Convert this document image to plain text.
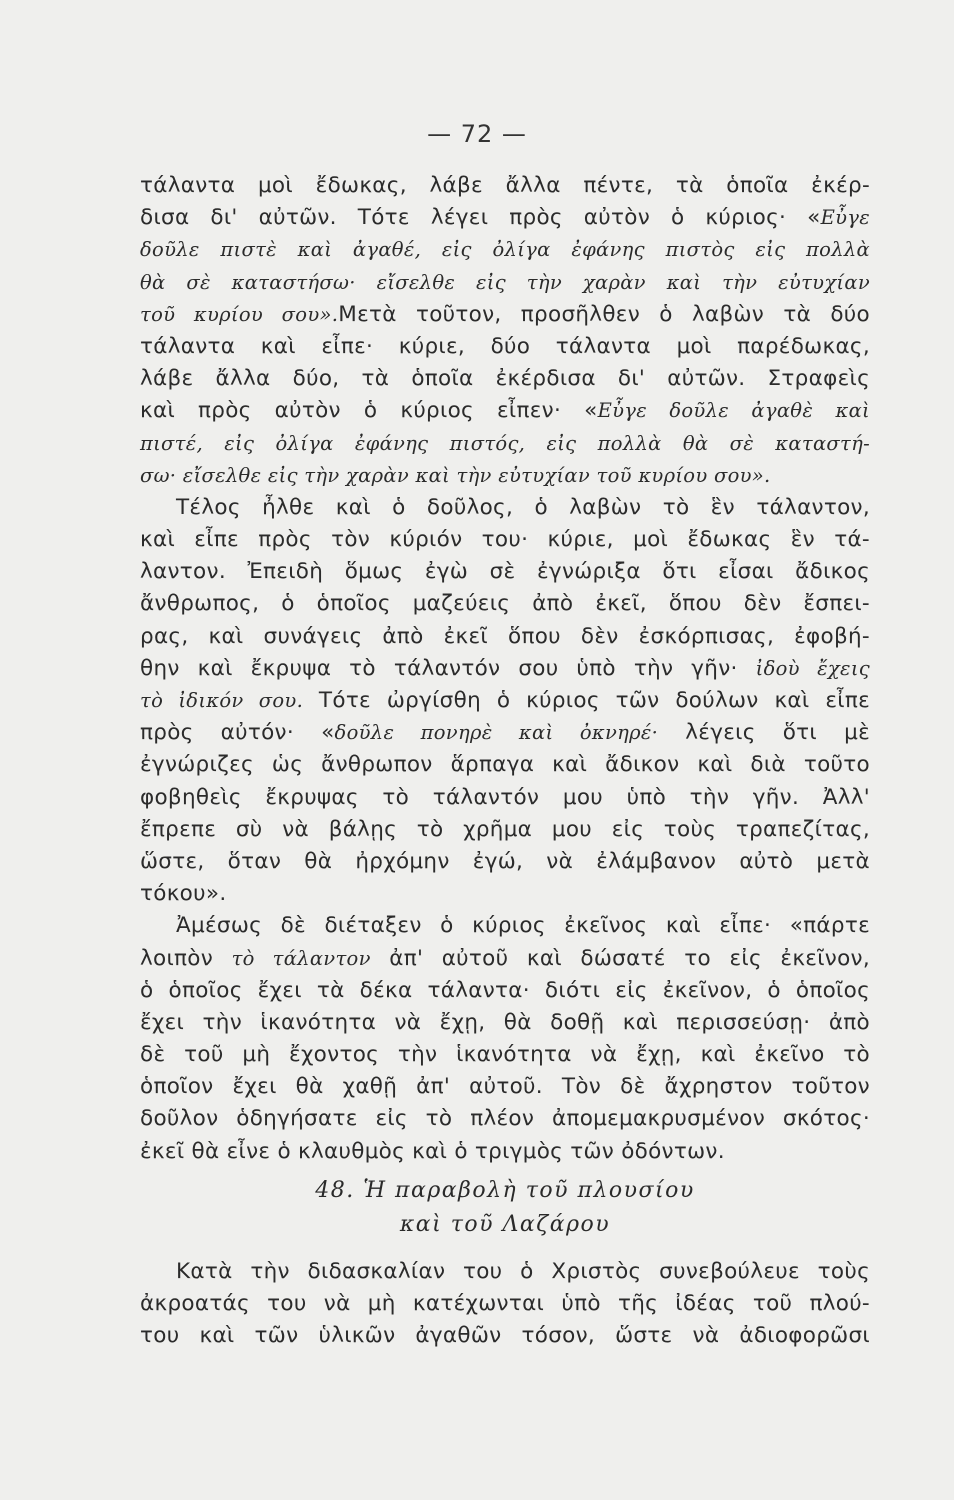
— 72 —
τάλαντα μοὶ ἔδωκας, λάβε ἄλλα πέντε, τὰ ὁποῖα ἐκέρ-
δισα δι' αὐτῶν. Τότε λέγει πρὸς αὐτὸν ὁ κύριος· «Εὖγε
δοῦλε πιστὲ καὶ ἀγαθέ, εἰς ὀλίγα ἐφάνης πιστὸς εἰς πολλὰ
θὰ σὲ καταστήσω· εἴσελθε εἰς τὴν χαρὰν καὶ τὴν εὐτυχίαν
τοῦ κυρίου σου».Μετὰ τοῦτον, προσῆλθεν ὁ λαβὼν τὰ δύο
τάλαντα καὶ εἶπε· κύριε, δύο τάλαντα μοὶ παρέδωκας,
λάβε ἄλλα δύο, τὰ ὁποῖα ἐκέρδισα δι' αὐτῶν. Στραφεὶς
καὶ πρὸς αὐτὸν ὁ κύριος εἶπεν· «Εὖγε δοῦλε ἀγαθὲ καὶ
πιστέ, εἰς ὀλίγα ἐφάνης πιστός, εἰς πολλὰ θὰ σὲ καταστή-
σω· εἴσελθε εἰς τὴν χαρὰν καὶ τὴν εὐτυχίαν τοῦ κυρίου σου».
Τέλος ἦλθε καὶ ὁ δοῦλος, ὁ λαβὼν τὸ ἓν τάλαντον,
καὶ εἶπε πρὸς τὸν κύριόν του· κύριε, μοὶ ἔδωκας ἓν τά-
λαντον. Ἐπειδὴ ὅμως ἐγὼ σὲ ἐγνώριξα ὅτι εἶσαι ἄδικος
ἄνθρωπος, ὁ ὁποῖος μαζεύεις ἀπὸ ἐκεῖ, ὅπου δὲν ἔσπει-
ρας, καὶ συνάγεις ἀπὸ ἐκεῖ ὅπου δὲν ἐσκόρπισας, ἐφοβή-
θην καὶ ἔκρυψα τὸ τάλαντόν σου ὑπὸ τὴν γῆν· ἰδοὺ ἔχεις
τὸ ἰδικόν σου. Τότε ὠργίσθη ὁ κύριος τῶν δούλων καὶ εἶπε
πρὸς αὐτόν· «δοῦλε πονηρὲ καὶ ὀκνηρέ· λέγεις ὅτι μὲ
ἐγνώριζες ὡς ἄνθρωπον ἅρπαγα καὶ ἄδικον καὶ διὰ τοῦτο
φοβηθεὶς ἔκρυψας τὸ τάλαντόν μου ὑπὸ τὴν γῆν. Ἀλλ'
ἔπρεπε σὺ νὰ βάλῃς τὸ χρῆμα μου εἰς τοὺς τραπεζίτας,
ὥστε, ὅταν θὰ ἠρχόμην ἐγώ, νὰ ἐλάμβανον αὐτὸ μετὰ
τόκου».
Ἀμέσως δὲ διέταξεν ὁ κύριος ἐκεῖνος καὶ εἶπε· «πάρτε
λοιπὸν τὸ τάλαντον ἀπ' αὐτοῦ καὶ δώσατέ το εἰς ἐκεῖνον,
ὁ ὁποῖος ἔχει τὰ δέκα τάλαντα· διότι εἰς ἐκεῖνον, ὁ ὁποῖος
ἔχει τὴν ἱκανότητα νὰ ἔχῃ, θὰ δοθῇ καὶ περισσεύσῃ· ἀπὸ
δὲ τοῦ μὴ ἔχοντος τὴν ἱκανότητα νὰ ἔχῃ, καὶ ἐκεῖνο τὸ
ὁποῖον ἔχει θὰ χαθῇ ἀπ' αὐτοῦ. Τὸν δὲ ἄχρηστον τοῦτον
δοῦλον ὁδηγήσατε εἰς τὸ πλέον ἀπομεμακρυσμένον σκότος·
ἐκεῖ θὰ εἶνε ὁ κλαυθμὸς καὶ ὁ τριγμὸς τῶν ὀδόντων.
48. Ἡ παραβολὴ τοῦ πλουσίου
καὶ τοῦ Λαζάρου
Κατὰ τὴν διδασκαλίαν του ὁ Χριστὸς συνεβούλευε τοὺς
ἀκροατάς του νὰ μὴ κατέχωνται ὑπὸ τῆς ἰδέας τοῦ πλού-
του καὶ τῶν ὑλικῶν ἀγαθῶν τόσον, ὥστε νὰ ἀδιοφορῶσι
